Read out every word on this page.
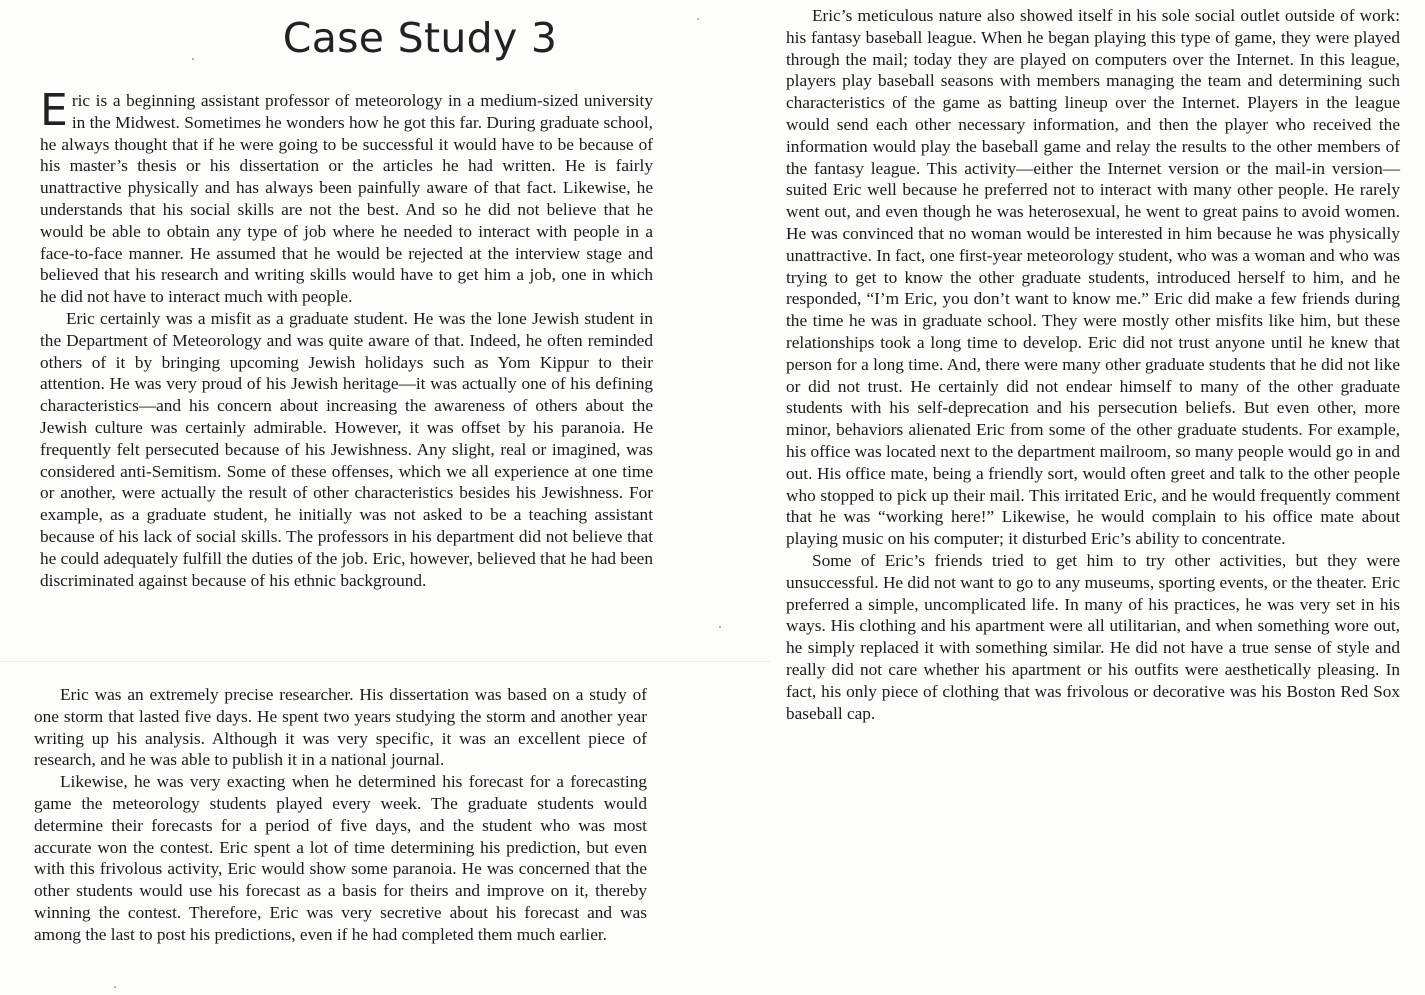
Case Study 3

Eric is a beginning assistant professor of meteorology in a medium-sized university in the Midwest. Sometimes he wonders how he got this far. During graduate school, he always thought that if he were going to be successful it would have to be because of his master’s thesis or his dissertation or the articles he had written. He is fairly unattractive physically and has always been painfully aware of that fact. Likewise, he understands that his social skills are not the best. And so he did not believe that he would be able to obtain any type of job where he needed to interact with people in a face-to-face manner. He assumed that he would be rejected at the interview stage and believed that his research and writing skills would have to get him a job, one in which he did not have to interact much with people.

Eric certainly was a misfit as a graduate student. He was the lone Jewish student in the Department of Meteorology and was quite aware of that. Indeed, he often reminded others of it by bringing upcoming Jewish holidays such as Yom Kippur to their attention. He was very proud of his Jewish heritage—it was actually one of his defining characteristics—and his concern about increasing the awareness of others about the Jewish culture was certainly admirable. However, it was offset by his paranoia. He frequently felt persecuted because of his Jewishness. Any slight, real or imagined, was considered anti-Semitism. Some of these offenses, which we all experience at one time or another, were actually the result of other characteristics besides his Jewishness. For example, as a graduate student, he initially was not asked to be a teaching assistant because of his lack of social skills. The professors in his department did not believe that he could adequately fulfill the duties of the job. Eric, however, believed that he had been discriminated against because of his ethnic background.

Eric was an extremely precise researcher. His dissertation was based on a study of one storm that lasted five days. He spent two years studying the storm and another year writing up his analysis. Although it was very specific, it was an excellent piece of research, and he was able to publish it in a national journal.

Likewise, he was very exacting when he determined his forecast for a forecasting game the meteorology students played every week. The graduate students would determine their forecasts for a period of five days, and the student who was most accurate won the contest. Eric spent a lot of time determining his prediction, but even with this frivolous activity, Eric would show some paranoia. He was concerned that the other students would use his forecast as a basis for theirs and improve on it, thereby winning the contest. Therefore, Eric was very secretive about his forecast and was among the last to post his predictions, even if he had completed them much earlier.

Eric’s meticulous nature also showed itself in his sole social outlet outside of work: his fantasy baseball league. When he began playing this type of game, they were played through the mail; today they are played on computers over the Internet. In this league, players play baseball seasons with members managing the team and determining such characteristics of the game as batting lineup over the Internet. Players in the league would send each other necessary information, and then the player who received the information would play the baseball game and relay the results to the other members of the fantasy league. This activity—either the Internet version or the mail-in version—suited Eric well because he preferred not to interact with many other people. He rarely went out, and even though he was heterosexual, he went to great pains to avoid women. He was convinced that no woman would be interested in him because he was physically unattractive. In fact, one first-year meteorology student, who was a woman and who was trying to get to know the other graduate students, introduced herself to him, and he responded, “I’m Eric, you don’t want to know me.” Eric did make a few friends during the time he was in graduate school. They were mostly other misfits like him, but these relationships took a long time to develop. Eric did not trust anyone until he knew that person for a long time. And, there were many other graduate students that he did not like or did not trust. He certainly did not endear himself to many of the other graduate students with his self-deprecation and his persecution beliefs. But even other, more minor, behaviors alienated Eric from some of the other graduate students. For example, his office was located next to the department mailroom, so many people would go in and out. His office mate, being a friendly sort, would often greet and talk to the other people who stopped to pick up their mail. This irritated Eric, and he would frequently comment that he was “working here!” Likewise, he would complain to his office mate about playing music on his computer; it disturbed Eric’s ability to concentrate.

Some of Eric’s friends tried to get him to try other activities, but they were unsuccessful. He did not want to go to any museums, sporting events, or the theater. Eric preferred a simple, uncomplicated life. In many of his practices, he was very set in his ways. His clothing and his apartment were all utilitarian, and when something wore out, he simply replaced it with something similar. He did not have a true sense of style and really did not care whether his apartment or his outfits were aesthetically pleasing. In fact, his only piece of clothing that was frivolous or decorative was his Boston Red Sox baseball cap.
